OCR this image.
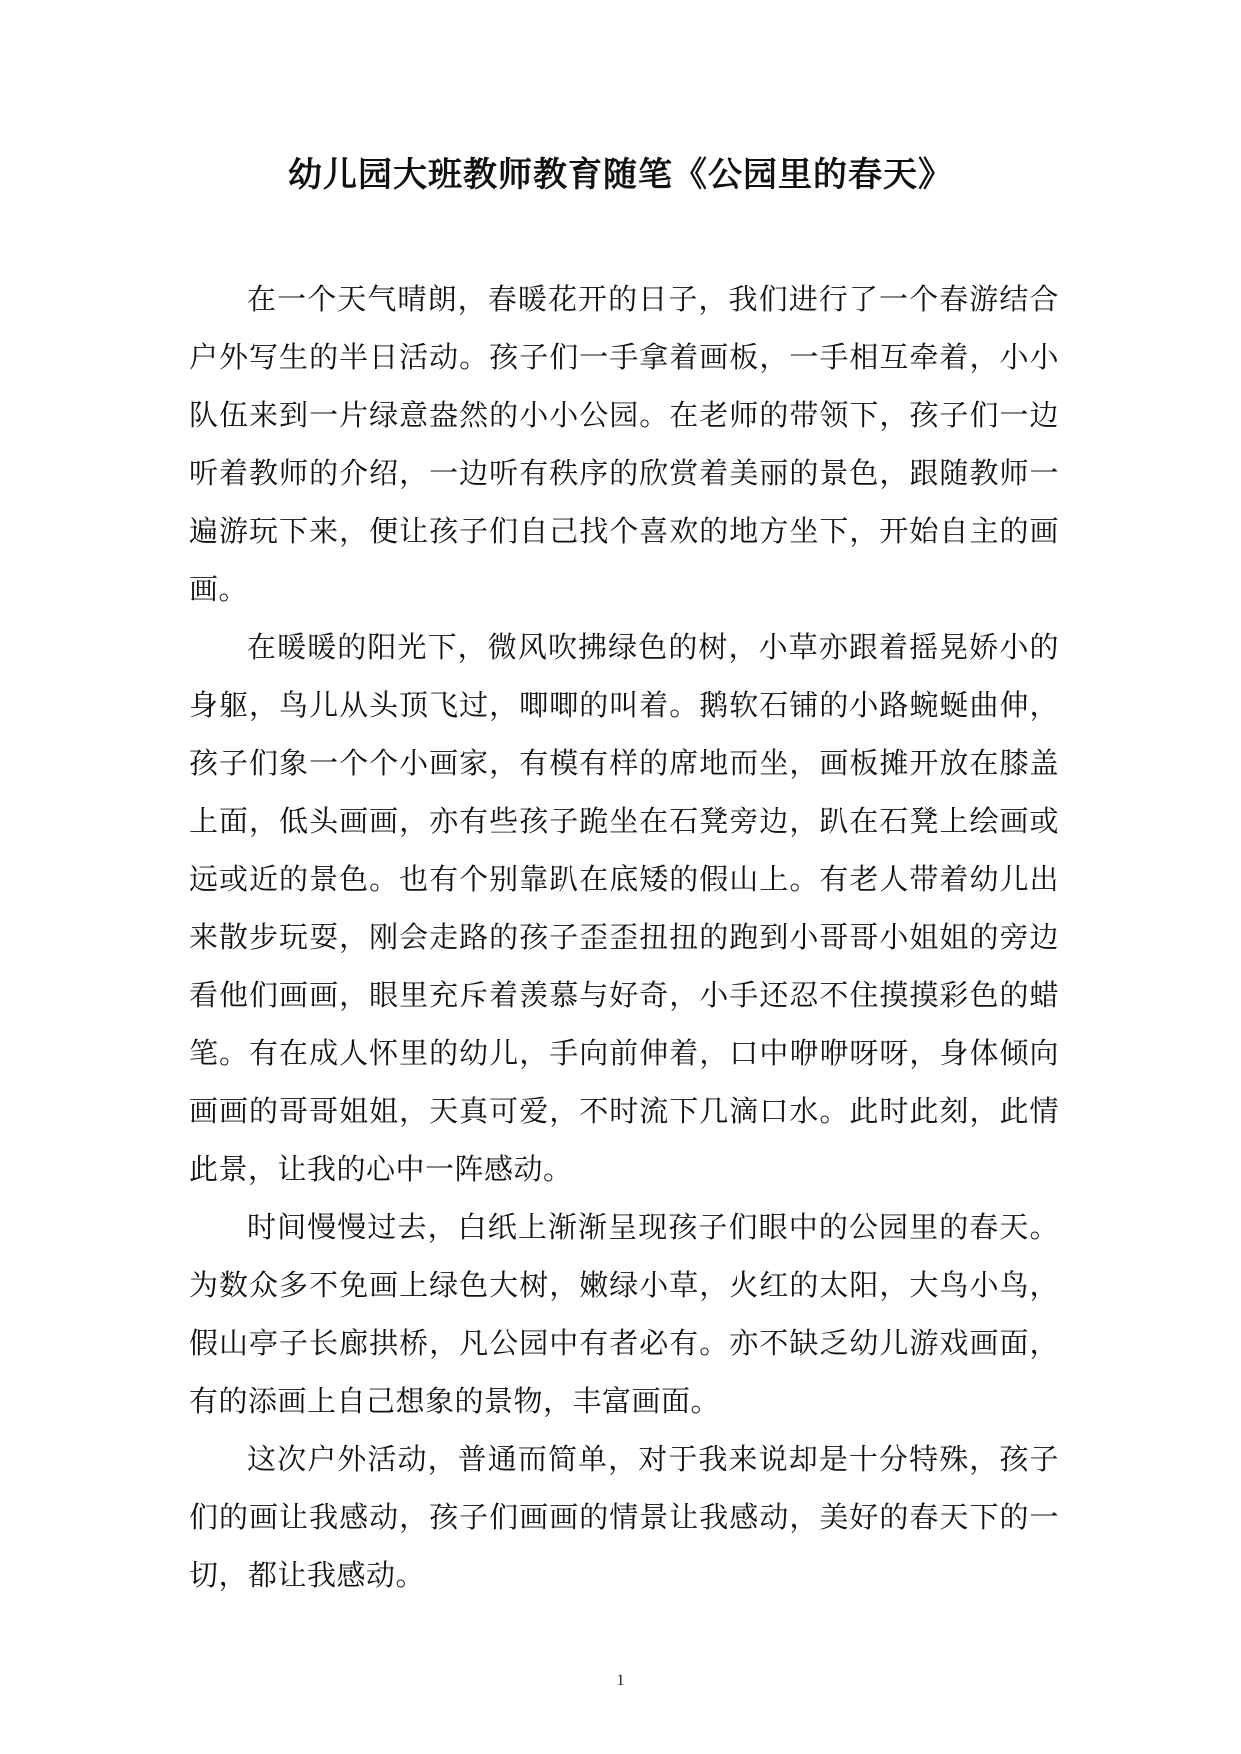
幼儿园大班教师教育随笔《公园里的春天》

在一个天气晴朗，春暖花开的日子，我们进行了一个春游结合户外写生的半日活动。孩子们一手拿着画板，一手相互牵着，小小队伍来到一片绿意盎然的小小公园。在老师的带领下，孩子们一边听着教师的介绍，一边听有秩序的欣赏着美丽的景色，跟随教师一遍游玩下来，便让孩子们自己找个喜欢的地方坐下，开始自主的画画。

在暖暖的阳光下，微风吹拂绿色的树，小草亦跟着摇晃娇小的身躯，鸟儿从头顶飞过，唧唧的叫着。鹅软石铺的小路蜿蜒曲伸，孩子们象一个个小画家，有模有样的席地而坐，画板摊开放在膝盖上面，低头画画，亦有些孩子跪坐在石凳旁边，趴在石凳上绘画或远或近的景色。也有个别靠趴在底矮的假山上。有老人带着幼儿出来散步玩耍，刚会走路的孩子歪歪扭扭的跑到小哥哥小姐姐的旁边看他们画画，眼里充斥着羡慕与好奇，小手还忍不住摸摸彩色的蜡笔。有在成人怀里的幼儿，手向前伸着，口中咿咿呀呀，身体倾向画画的哥哥姐姐，天真可爱，不时流下几滴口水。此时此刻，此情此景，让我的心中一阵感动。

时间慢慢过去，白纸上渐渐呈现孩子们眼中的公园里的春天。为数众多不免画上绿色大树，嫩绿小草，火红的太阳，大鸟小鸟，假山亭子长廊拱桥，凡公园中有者必有。亦不缺乏幼儿游戏画面，有的添画上自己想象的景物，丰富画面。

这次户外活动，普通而简单，对于我来说却是十分特殊，孩子们的画让我感动，孩子们画画的情景让我感动，美好的春天下的一切，都让我感动。

1
